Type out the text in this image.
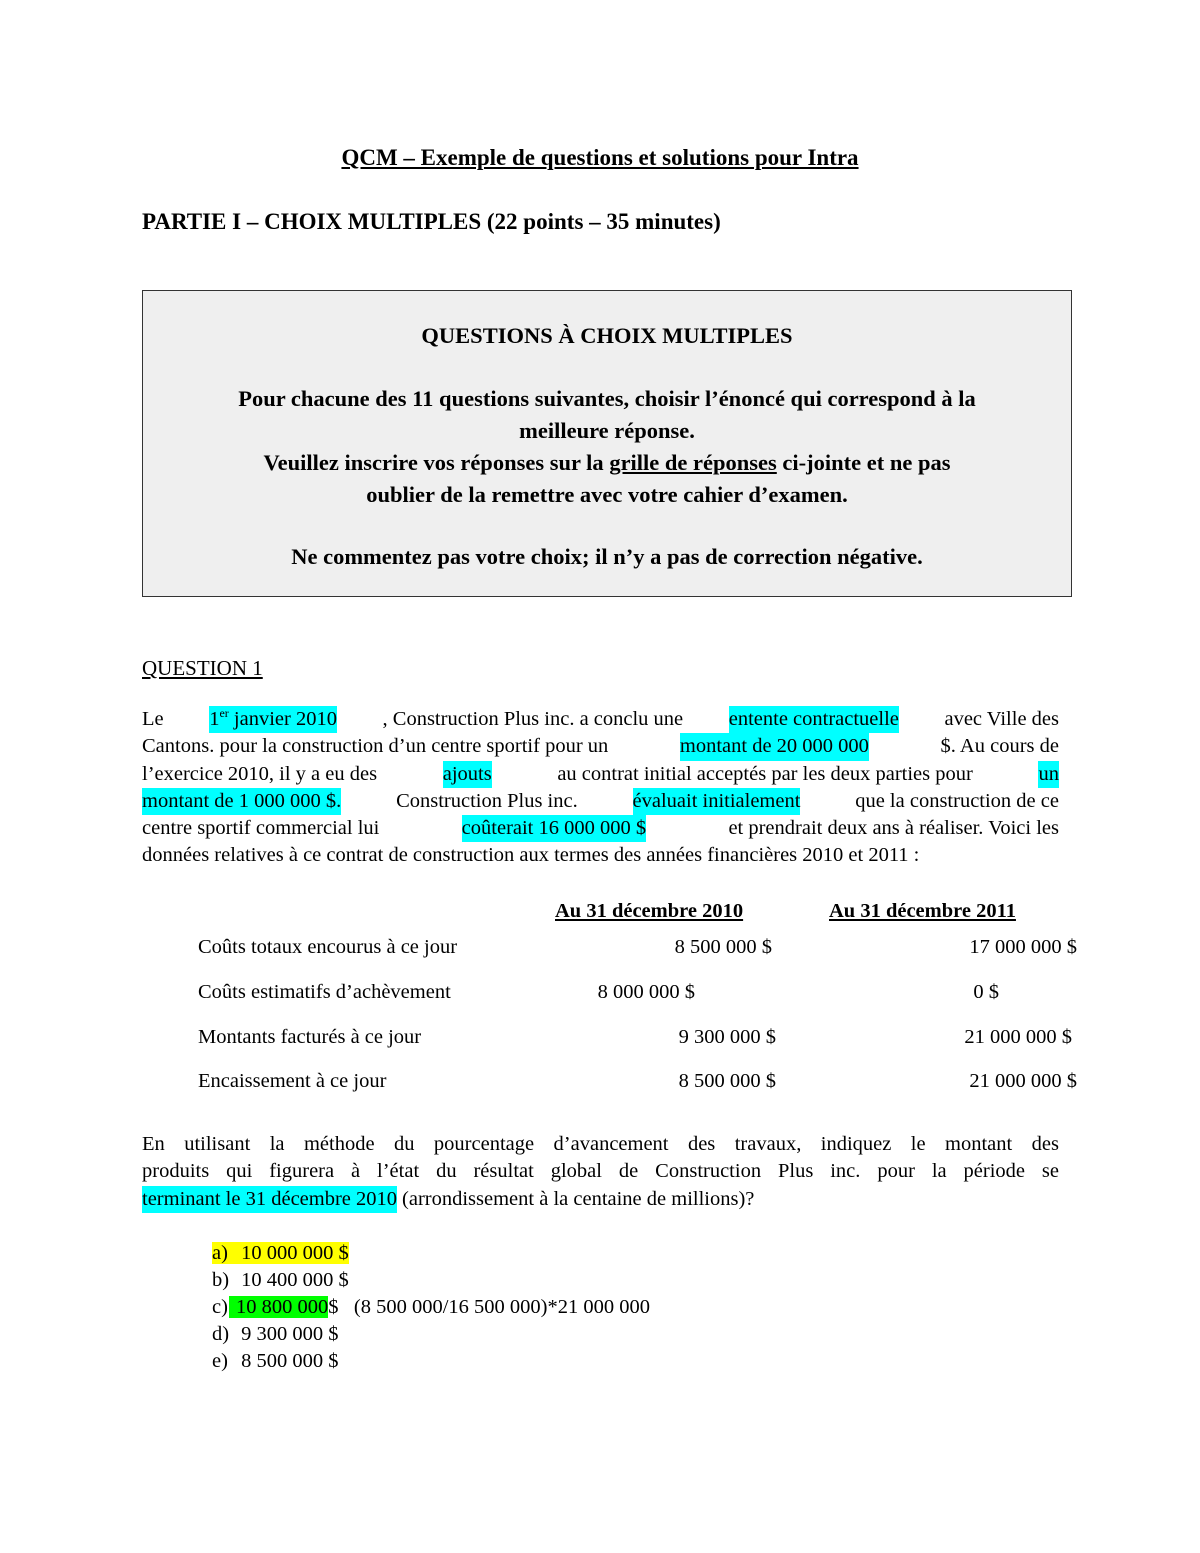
QCM – Exemple de questions et solutions pour Intra
PARTIE I – CHOIX MULTIPLES (22 points – 35 minutes)
QUESTIONS À CHOIX MULTIPLES
Pour chacune des 11 questions suivantes, choisir l’énoncé qui correspond à la
meilleure réponse.
Veuillez inscrire vos réponses sur la grille de réponses ci-jointe et ne pas
oublier de la remettre avec votre cahier d’examen.
Ne commentez pas votre choix; il n’y a pas de correction négative.
QUESTION 1
Le 1er janvier 2010 , Construction Plus inc. a conclu une entente contractuelle avec Ville des
Cantons. pour la construction d’un centre sportif pour un	montant de 20 000 000	$. Au cours de
l’exercice 2010, il y a eu des	ajouts	au contrat initial acceptés par les deux parties pour	un
montant de 1 000 000 $.	Construction Plus inc.	évaluait initialement	que la construction de ce
centre sportif commercial lui	coûterait 16 000 000 $	et prendrait deux ans à réaliser. Voici les
données relatives à ce contrat de construction aux termes des années financières 2010 et 2011 :
Au 31 décembre 2010	Au 31 décembre 2011
Coûts totaux encourus à ce jour	8 500 000 $	17 000 000 $
Coûts estimatifs d’achèvement	8 000 000 $	0 $
Montants facturés à ce jour	9 300 000 $	21 000 000 $
Encaissement à ce jour	8 500 000 $	21 000 000 $
En utilisant la méthode du pourcentage d’avancement des travaux, indiquez le montant des
produits qui figurera à l’état du résultat global de Construction Plus inc. pour la période se
terminant le 31 décembre 2010 (arrondissement à la centaine de millions)?
a) 10 000 000 $
b) 10 400 000 $
c) 10 800 000$ (8 500 000/16 500 000)*21 000 000
d) 9 300 000 $
e) 8 500 000 $
